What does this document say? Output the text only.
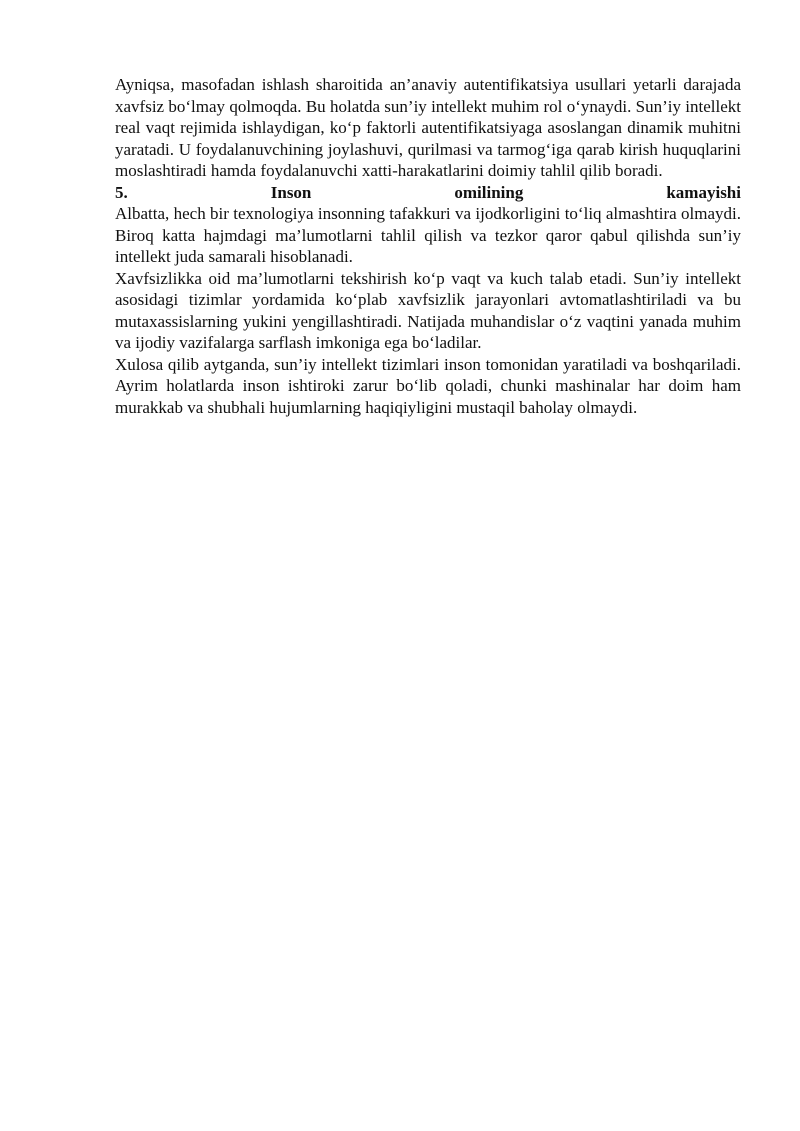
Ayniqsa, masofadan ishlash sharoitida an’anaviy autentifikatsiya usullari yetarli darajada xavfsiz bo‘lmay qolmoqda. Bu holatda sun’iy intellekt muhim rol o‘ynaydi. Sun’iy intellekt real vaqt rejimida ishlaydigan, ko‘p faktorli autentifikatsiyaga asoslangan dinamik muhitni yaratadi. U foydalanuvchining joylashuvi, qurilmasi va tarmog‘iga qarab kirish huquqlarini moslashtiradi hamda foydalanuvchi xatti-harakatlarini doimiy tahlil qilib boradi.

5. Inson omilining kamayishi

Albatta, hech bir texnologiya insonning tafakkuri va ijodkorligini to‘liq almashtira olmaydi. Biroq katta hajmdagi ma’lumotlarni tahlil qilish va tezkor qaror qabul qilishda sun’iy intellekt juda samarali hisoblanadi.

Xavfsizlikka oid ma’lumotlarni tekshirish ko‘p vaqt va kuch talab etadi. Sun’iy intellekt asosidagi tizimlar yordamida ko‘plab xavfsizlik jarayonlari avtomatlashtiriladi va bu mutaxassislarning yukini yengillashtiradi. Natijada muhandislar o‘z vaqtini yanada muhim va ijodiy vazifalarga sarflash imkoniga ega bo‘ladilar.

Xulosa qilib aytganda, sun’iy intellekt tizimlari inson tomonidan yaratiladi va boshqariladi. Ayrim holatlarda inson ishtiroki zarur bo‘lib qoladi, chunki mashinalar har doim ham murakkab va shubhali hujumlarning haqiqiyligini mustaqil baholay olmaydi.
